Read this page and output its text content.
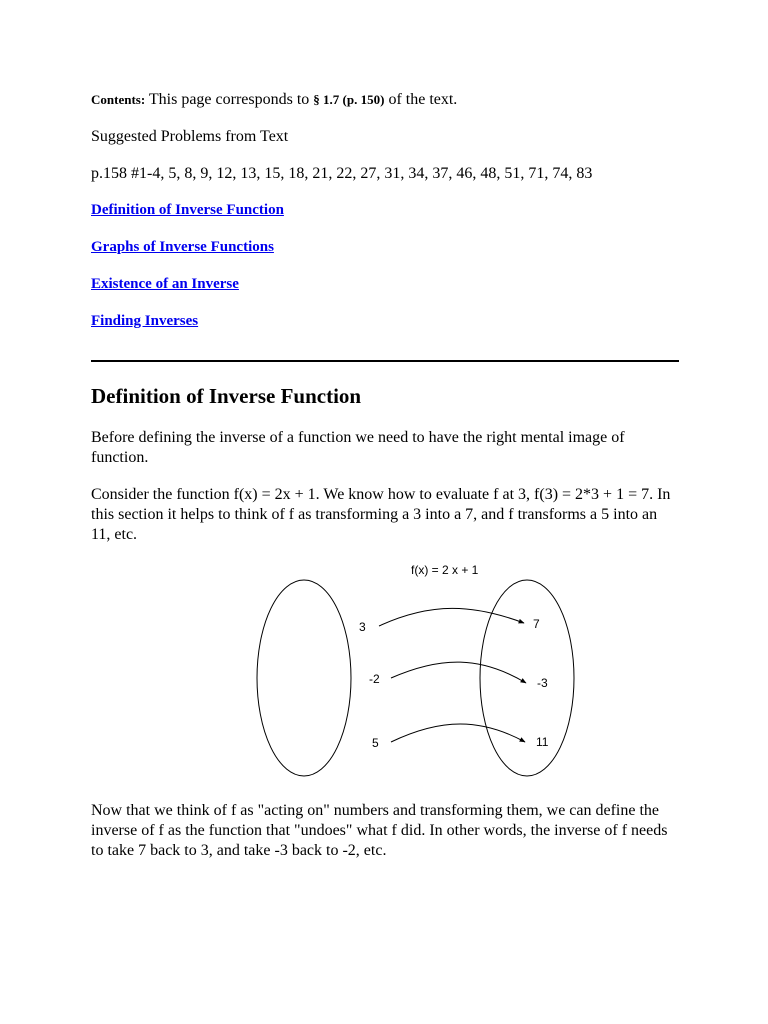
Contents: This page corresponds to § 1.7 (p. 150) of the text.

Suggested Problems from Text

p.158 #1-4, 5, 8, 9, 12, 13, 15, 18, 21, 22, 27, 31, 34, 37, 46, 48, 51, 71, 74, 83

Definition of Inverse Function
Graphs of Inverse Functions
Existence of an Inverse
Finding Inverses
Definition of Inverse Function

Before defining the inverse of a function we need to have the right mental image of function.

Consider the function f(x) = 2x + 1. We know how to evaluate f at 3, f(3) = 2*3 + 1 = 7. In this section it helps to think of f as transforming a 3 into a 7, and f transforms a 5 into an 11, etc.

f(x) = 2 x + 1
3
-2
5
7
-3
11

Now that we think of f as "acting on" numbers and transforming them, we can define the inverse of f as the function that "undoes" what f did. In other words, the inverse of f needs to take 7 back to 3, and take -3 back to -2, etc.
